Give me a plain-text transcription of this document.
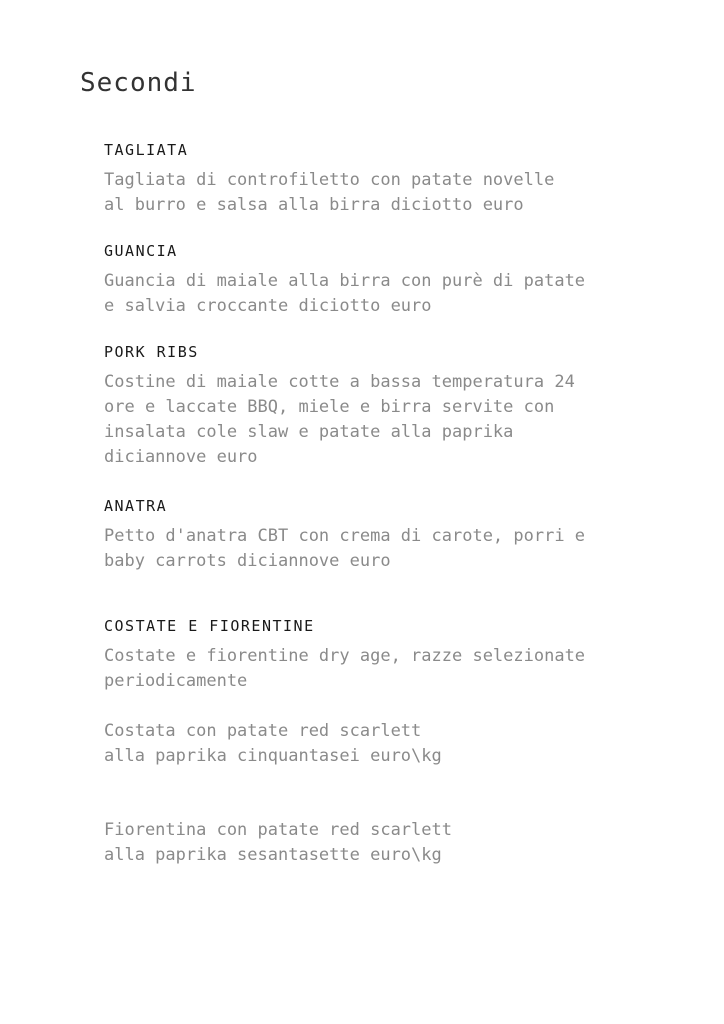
Secondi
TAGLIATA
Tagliata di controfiletto con patate novelle
al burro e salsa alla birra diciotto euro
GUANCIA
Guancia di maiale alla birra con purè di patate
e salvia croccante diciotto euro
PORK RIBS
Costine di maiale cotte a bassa temperatura 24
ore e laccate BBQ, miele e birra servite con
insalata cole slaw e patate alla paprika
diciannove euro
ANATRA
Petto d'anatra CBT con crema di carote, porri e
baby carrots diciannove euro
COSTATE E FIORENTINE
Costate e fiorentine dry age, razze selezionate
periodicamente
Costata con patate red scarlett
alla paprika cinquantasei euro\kg
Fiorentina con patate red scarlett
alla paprika sesantasette euro\kg
